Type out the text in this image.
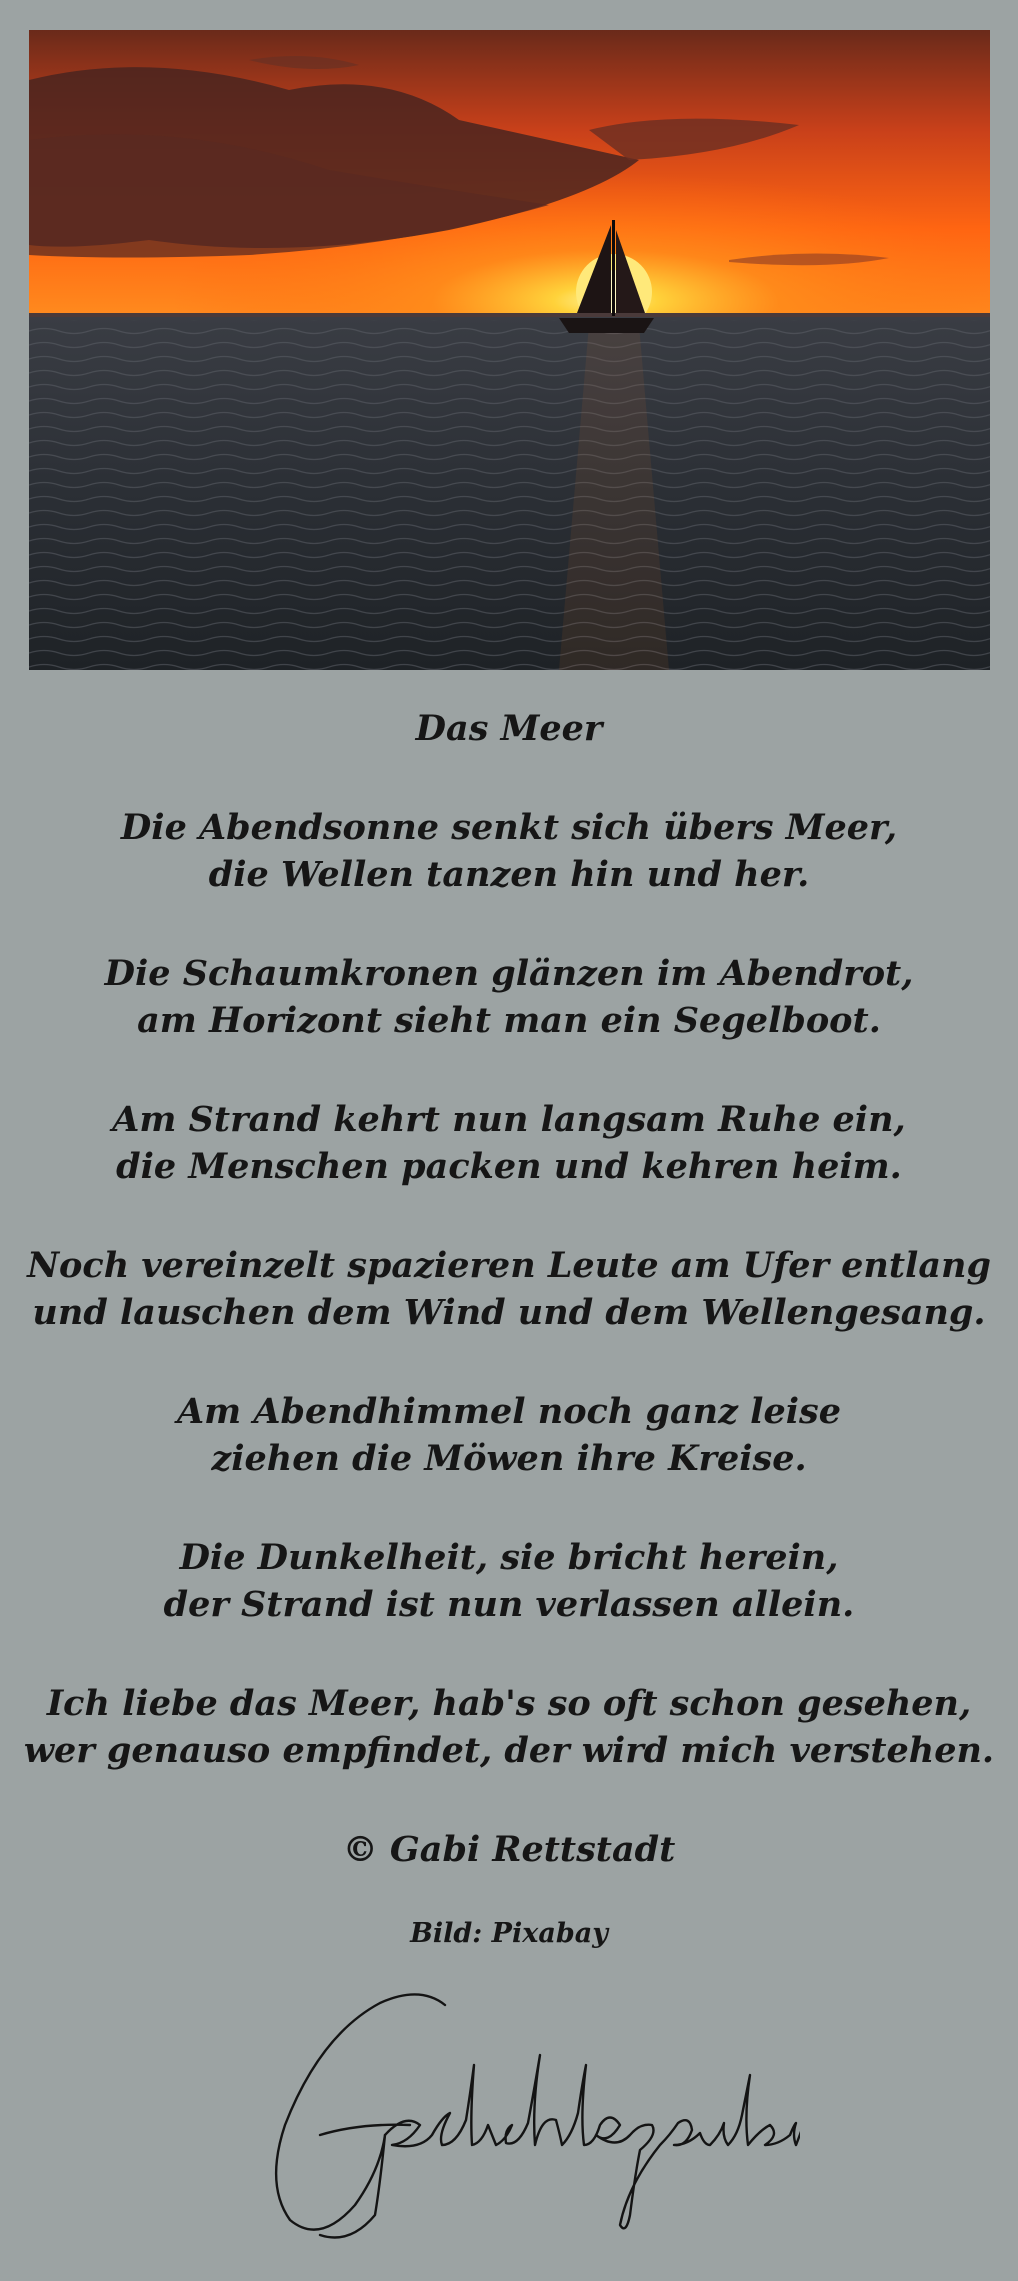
Das Meer
Die Abendsonne senkt sich übers Meer,
die Wellen tanzen hin und her.
Die Schaumkronen glänzen im Abendrot,
am Horizont sieht man ein Segelboot.
Am Strand kehrt nun langsam Ruhe ein,
die Menschen packen und kehren heim.
Noch vereinzelt spazieren Leute am Ufer entlang
und lauschen dem Wind und dem Wellengesang.
Am Abendhimmel noch ganz leise
ziehen die Möwen ihre Kreise.
Die Dunkelheit, sie bricht herein,
der Strand ist nun verlassen allein.
Ich liebe das Meer, hab's so oft schon gesehen,
wer genauso empfindet, der wird mich verstehen.
© Gabi Rettstadt
Bild: Pixabay
